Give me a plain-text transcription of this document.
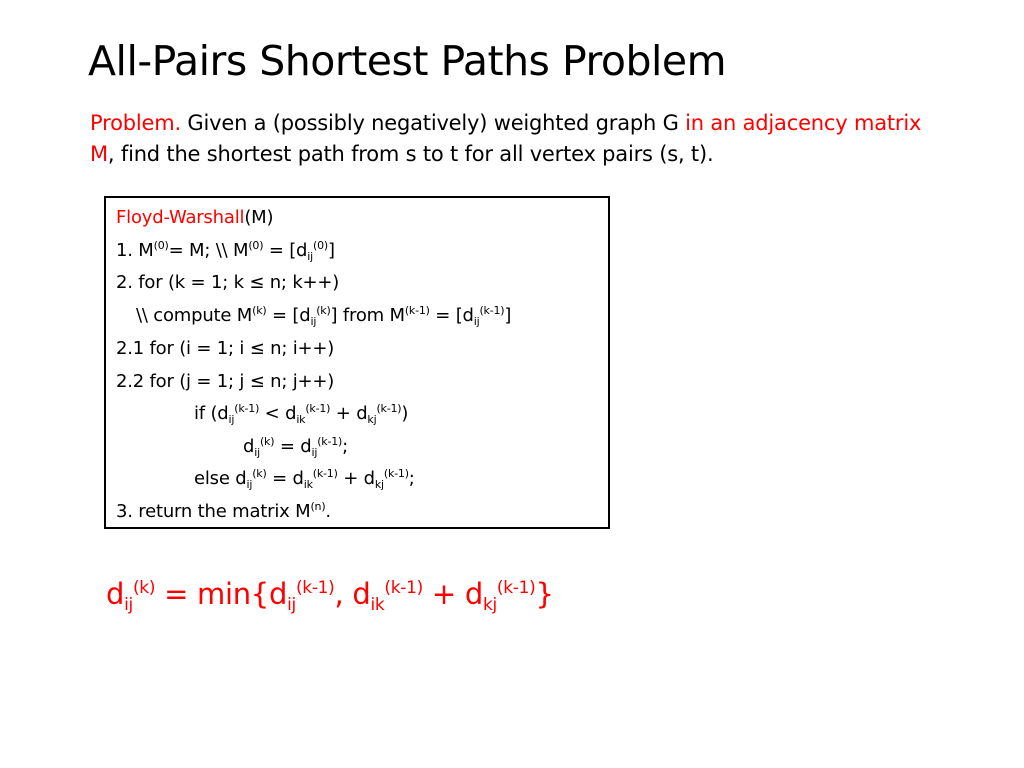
All-Pairs Shortest Paths Problem
Problem. Given a (possibly negatively) weighted graph G in an adjacency matrix M, find the shortest path from s to t for all vertex pairs (s, t).
Floyd-Warshall(M)
1. $M^{(0)}= M$; \\ $M^{(0)} = [d_{ij}^{(0)}]$
2. for (k = 1; k ≤ n; k++)
\\ compute $M^{(k)} = [d_{ij}^{(k)}]$ from $M^{(k-1)} = [d_{ij}^{(k-1)}]$
2.1 for (i = 1; i ≤ n; i++)
2.2 for (j = 1; j ≤ n; j++)
if $(d_{ij}^{(k-1)} < d_{ik}^{(k-1)} + d_{kj}^{(k-1)})$
$d_{ij}^{(k)} = d_{ij}^{(k-1)}$;
else $d_{ij}^{(k)} = d_{ik}^{(k-1)} + d_{kj}^{(k-1)}$;
3. return the matrix $M^{(n)}$.
$d_{ij}^{(k)} = \min\{d_{ij}^{(k-1)}$, $d_{ik}^{(k-1)} + d_{kj}^{(k-1)}$}
